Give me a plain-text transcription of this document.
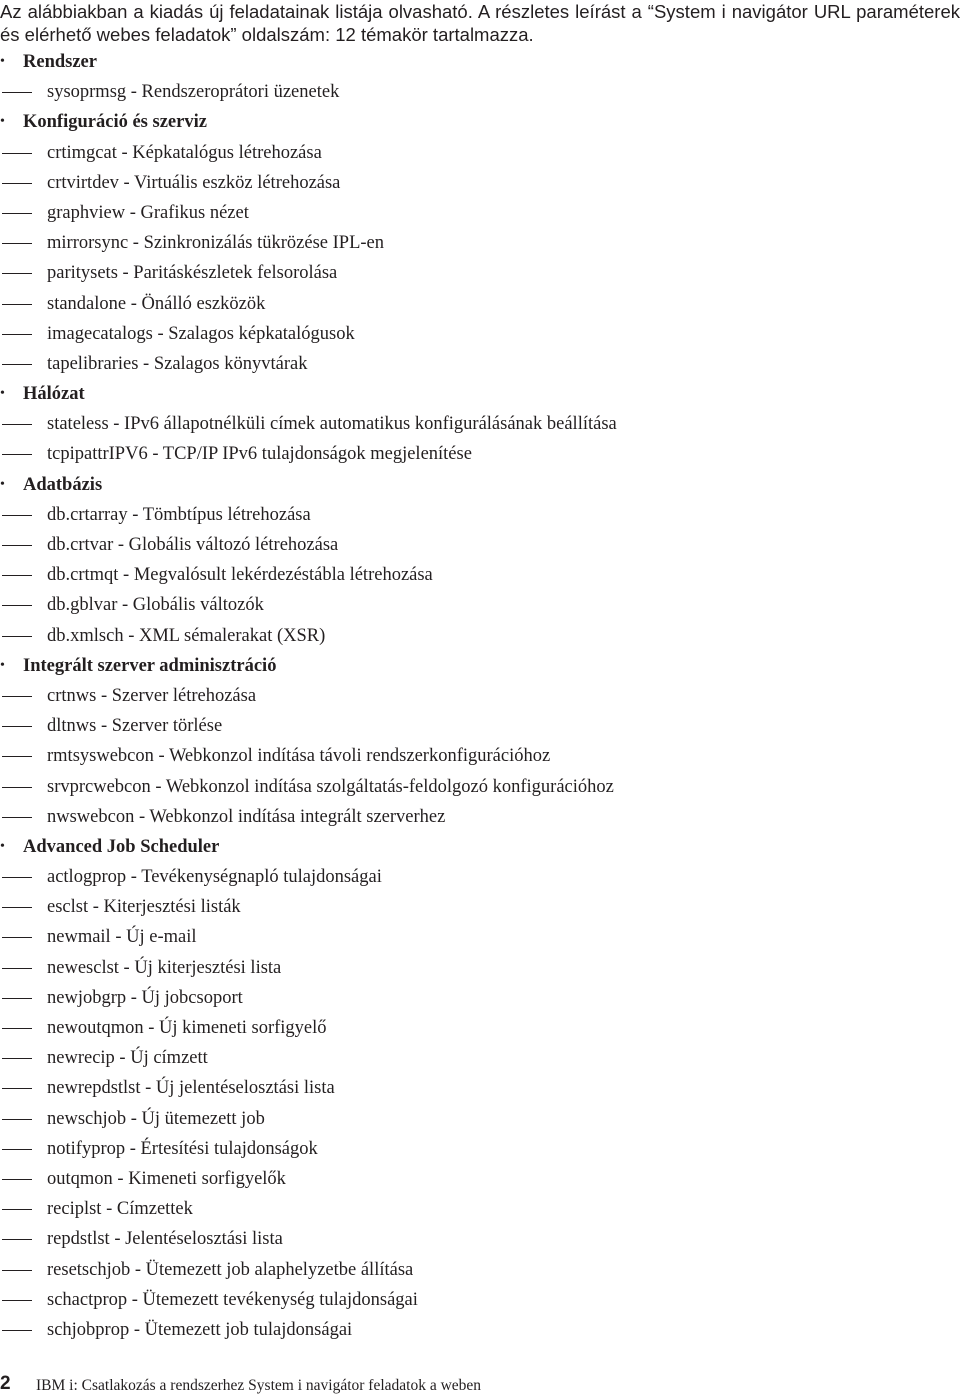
Az alábbiakban a kiadás új feladatainak listája olvasható. A részletes leírást a “System i navigátor URL paraméterek és elérhető webes feladatok” oldalszám: 12 témakör tartalmazza.

• Rendszer
sysoprmsg - Rendszeroprátori üzenetek
• Konfiguráció és szerviz
crtimgcat - Képkatalógus létrehozása
crtvirtdev - Virtuális eszköz létrehozása
graphview - Grafikus nézet
mirrorsync - Szinkronizálás tükrözése IPL-en
paritysets - Paritáskészletek felsorolása
standalone - Önálló eszközök
imagecatalogs - Szalagos képkatalógusok
tapelibraries - Szalagos könyvtárak
• Hálózat
stateless - IPv6 állapotnélküli címek automatikus konfigurálásának beállítása
tcpipattrIPV6 - TCP/IP IPv6 tulajdonságok megjelenítése
• Adatbázis
db.crtarray - Tömbtípus létrehozása
db.crtvar - Globális változó létrehozása
db.crtmqt - Megvalósult lekérdezéstábla létrehozása
db.gblvar - Globális változók
db.xmlsch - XML sémalerakat (XSR)
• Integrált szerver adminisztráció
crtnws - Szerver létrehozása
dltnws - Szerver törlése
rmtsyswebcon - Webkonzol indítása távoli rendszerkonfigurációhoz
srvprcwebcon - Webkonzol indítása szolgáltatás-feldolgozó konfigurációhoz
nwswebcon - Webkonzol indítása integrált szerverhez
• Advanced Job Scheduler
actlogprop - Tevékenységnapló tulajdonságai
esclst - Kiterjesztési listák
newmail - Új e-mail
newesclst - Új kiterjesztési lista
newjobgrp - Új jobcsoport
newoutqmon - Új kimeneti sorfigyelő
newrecip - Új címzett
newrepdstlst - Új jelentéselosztási lista
newschjob - Új ütemezett job
notifyprop - Értesítési tulajdonságok
outqmon - Kimeneti sorfigyelők
reciplst - Címzettek
repdstlst - Jelentéselosztási lista
resetschjob - Ütemezett job alaphelyzetbe állítása
schactprop - Ütemezett tevékenység tulajdonságai
schjobprop - Ütemezett job tulajdonságai
2 IBM i: Csatlakozás a rendszerhez System i navigátor feladatok a weben
